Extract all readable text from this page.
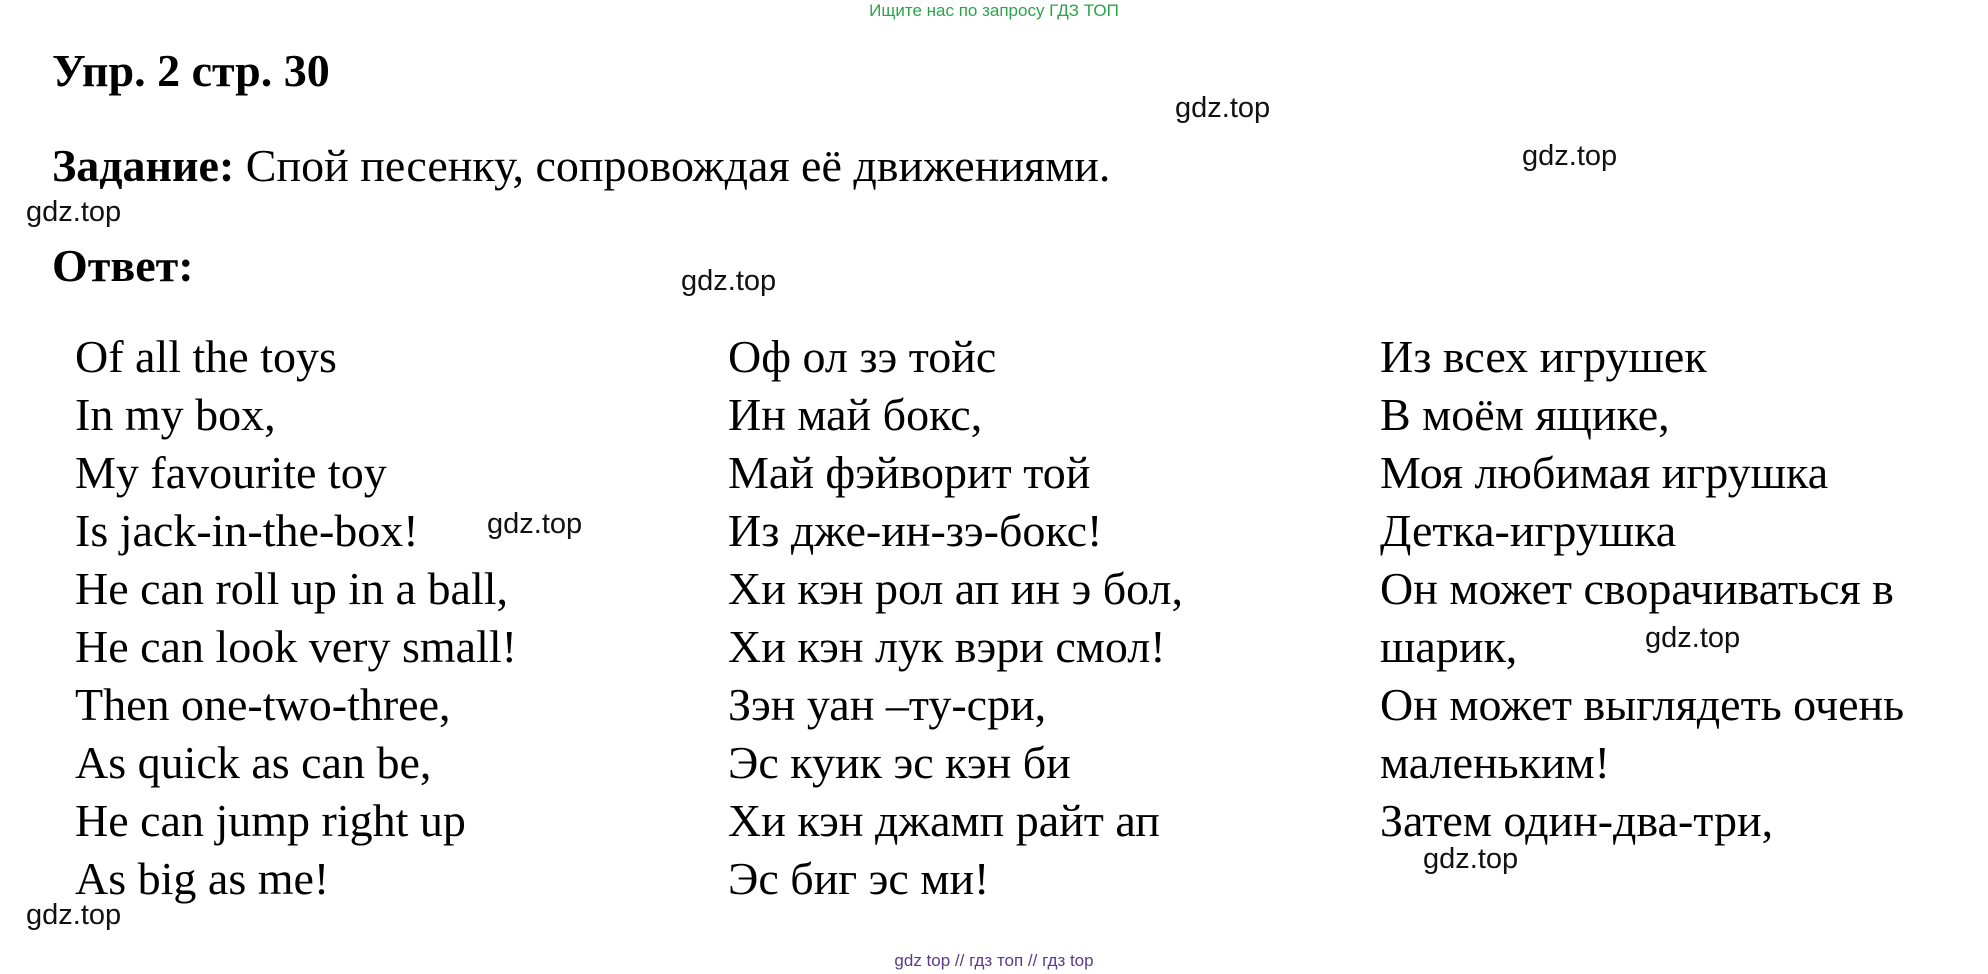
Ищите нас по запросу ГДЗ ТОП
Упр. 2 стр. 30
Задание: Спой песенку, сопровождая её движениями.
Ответ:
Of all the toys
In my box,
My favourite toy
Is jack-in-the-box!
He can roll up in a ball,
He can look very small!
Then one-two-three,
As quick as can be,
He can jump right up
As big as me!
Оф ол зэ тойс
Ин май бокс,
Май фэйворит той
Из дже-ин-зэ-бокс!
Хи кэн рол ап ин э бол,
Хи кэн лук вэри смол!
Зэн уан –ту-сри,
Эс куик эс кэн би
Хи кэн джамп райт ап
Эс биг эс ми!
Из всех игрушек
В моём ящике,
Моя любимая игрушка
Детка-игрушка
Он может сворачиваться в
шарик,
Он может выглядеть очень
маленьким!
Затем один-два-три,
gdz.top
gdz.top
gdz.top
gdz.top
gdz.top
gdz.top
gdz.top
gdz.top
gdz top // гдз топ // гдз top
